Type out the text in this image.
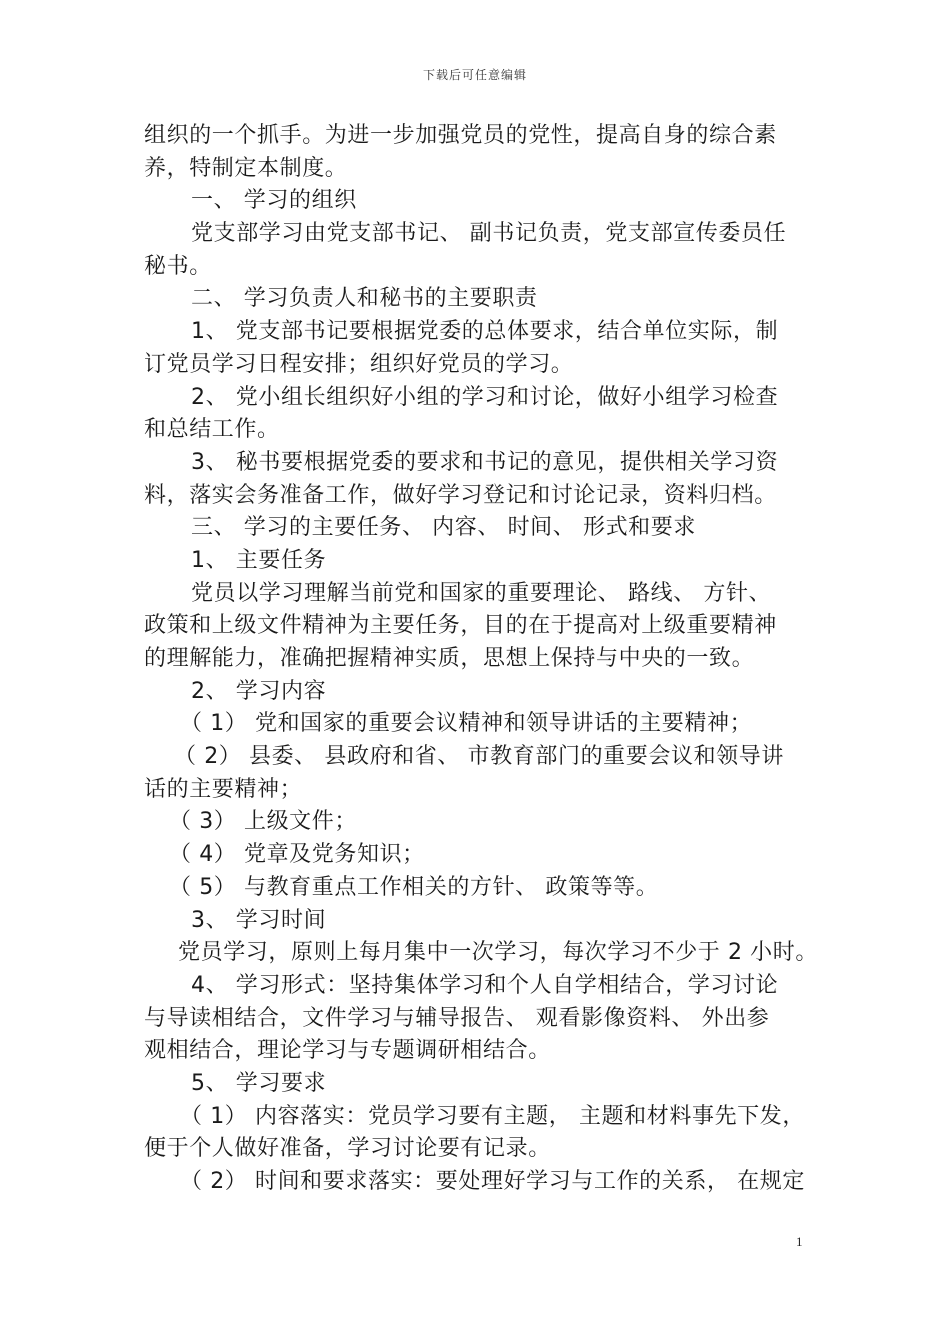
下载后可任意编辑
组织的一个抓手。为进一步加强党员的党性，提高自身的综合素
养，特制定本制度。
一、 学习的组织
党支部学习由党支部书记、 副书记负责，党支部宣传委员任
秘书。
二、 学习负责人和秘书的主要职责
1、 党支部书记要根据党委的总体要求，结合单位实际，制
订党员学习日程安排；组织好党员的学习。
2、 党小组长组织好小组的学习和讨论，做好小组学习检查
和总结工作。
3、 秘书要根据党委的要求和书记的意见，提供相关学习资
料，落实会务准备工作，做好学习登记和讨论记录，资料归档。
三、 学习的主要任务、 内容、 时间、 形式和要求
1、 主要任务
党员以学习理解当前党和国家的重要理论、 路线、 方针、
政策和上级文件精神为主要任务，目的在于提高对上级重要精神
的理解能力，准确把握精神实质，思想上保持与中央的一致。
2、 学习内容
（ 1） 党和国家的重要会议精神和领导讲话的主要精神；
（ 2） 县委、 县政府和省、 市教育部门的重要会议和领导讲
话的主要精神；
（ 3） 上级文件；
（ 4） 党章及党务知识；
（ 5） 与教育重点工作相关的方针、 政策等等。
3、 学习时间
党员学习，原则上每月集中一次学习，每次学习不少于 2 小时。
4、 学习形式：坚持集体学习和个人自学相结合，学习讨论
与导读相结合，文件学习与辅导报告、 观看影像资料、 外出参
观相结合，理论学习与专题调研相结合。
5、 学习要求
（ 1） 内容落实：党员学习要有主题， 主题和材料事先下发，
便于个人做好准备，学习讨论要有记录。
（ 2） 时间和要求落实：要处理好学习与工作的关系， 在规定
1
